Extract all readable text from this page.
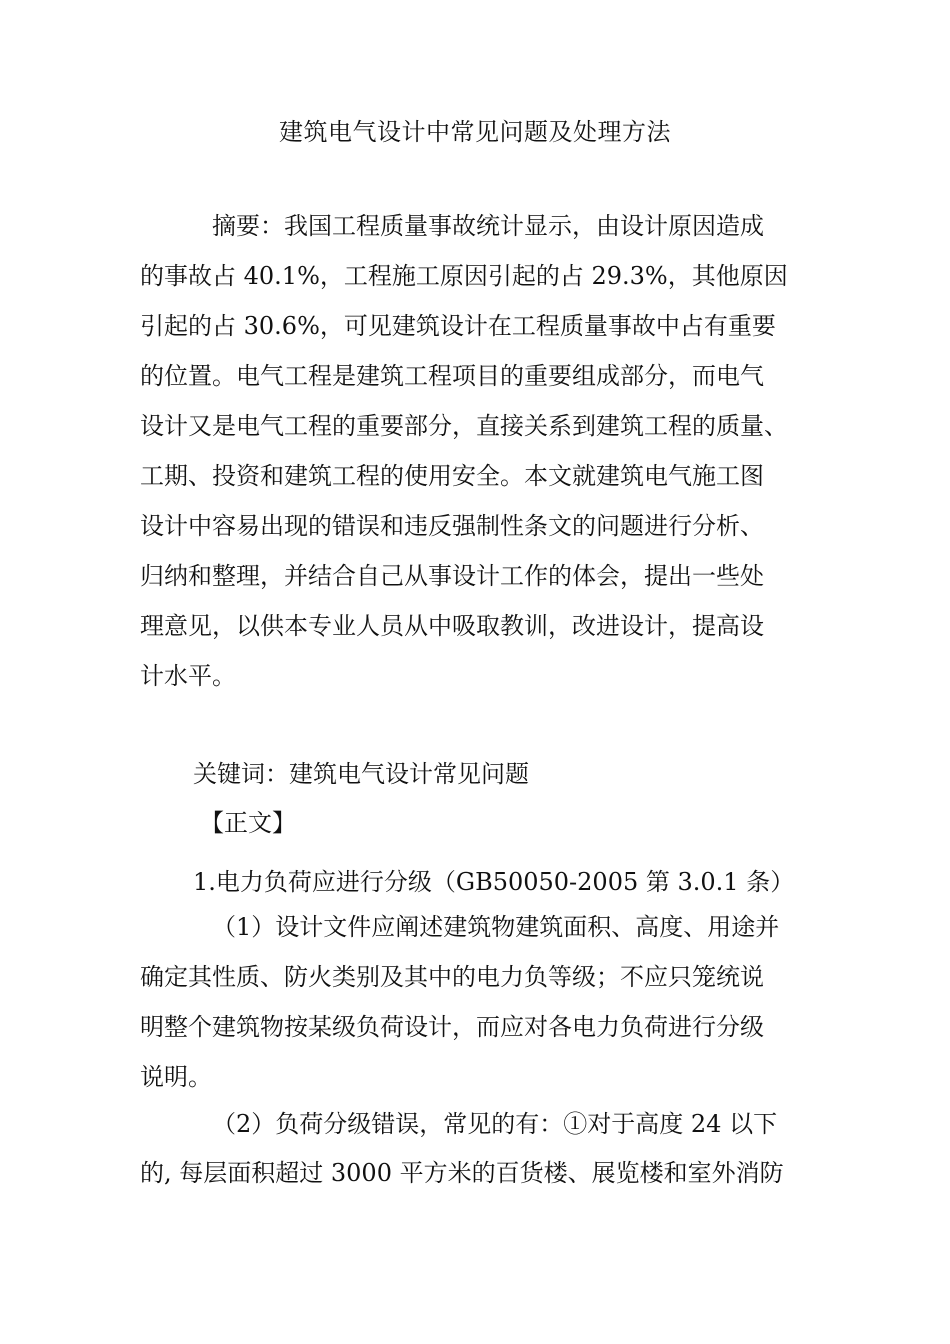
建筑电气设计中常见问题及处理方法
摘要：我国工程质量事故统计显示，由设计原因造成
的事故占 40.1%，工程施工原因引起的占 29.3%，其他原因
引起的占 30.6%，可见建筑设计在工程质量事故中占有重要
的位置。电气工程是建筑工程项目的重要组成部分，而电气
设计又是电气工程的重要部分，直接关系到建筑工程的质量、
工期、投资和建筑工程的使用安全。本文就建筑电气施工图
设计中容易出现的错误和违反强制性条文的问题进行分析、
归纳和整理，并结合自己从事设计工作的体会，提出一些处
理意见，以供本专业人员从中吸取教训，改进设计，提高设
计水平。
关键词：建筑电气设计常见问题
【正文】
1.电力负荷应进行分级（GB50050-2005 第 3.0.1 条）
（1）设计文件应阐述建筑物建筑面积、高度、用途并
确定其性质、防火类别及其中的电力负等级；不应只笼统说
明整个建筑物按某级负荷设计，而应对各电力负荷进行分级
说明。
（2）负荷分级错误，常见的有：①对于高度 24 以下
的, 每层面积超过 3000 平方米的百货楼、展览楼和室外消防
